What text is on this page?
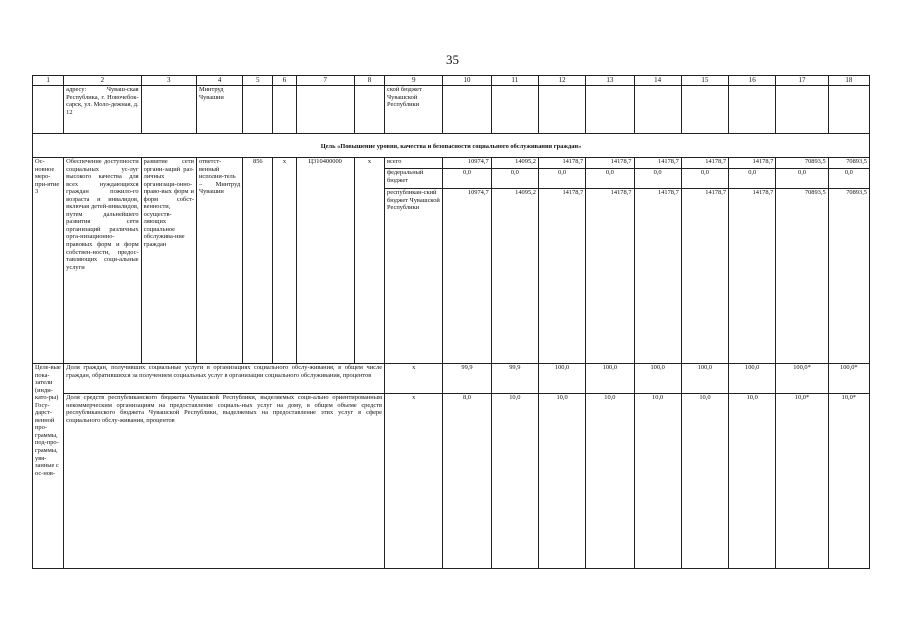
35
1	2	3	4	5	6	7	8	9	10	11	12	13	14	15	16	17	18
	адресу: Чуваш-ская Республика, г. Новочебок-сарск, ул. Моло-дежная, д. 12		Минтруд Чувашии					ской бюджет Чувашской Республики									
Цель «Повышение уровня, качества и безопасности социального обслуживания граждан»																	
Ос-новное меро-при-ятие 3	Обеспечение доступности социальных ус-луг высокого качества для всех нуждающихся граждан пожило-го возраста и инвалидов, включая детей-инвалидов, путем дальнейшего развития сети организаций различных орга-низационно-правовых форм и форм собствен-ности, предос-тавляющих соци-альные услуги	развитие сети органи-заций раз-личных организаци-онно-право-вых форм и форм собст-венности, осуществ-ляющих социальное обслужива-ние граждан	ответст-венный исполни-тель – Минтруд Чувашии	856	х	Ц310400000	х	всего	10974,7	14095,2	14178,7	14178,7	14178,7	14178,7	14178,7	70893,5	70893,5
								федеральный бюджет	0,0	0,0	0,0	0,0	0,0	0,0	0,0	0,0	0,0
								республикан-ский бюджет Чувашской Республики	10974,7	14095,2	14178,7	14178,7	14178,7	14178,7	14178,7	70893,5	70893,5
Целе-вые пока-затели (инди-като-ры) Госу-дарст-венной про-граммы, под-про-граммы, увя-занные с ос-нов-	Доля граждан, получивших социальные услуги в организациях социального обслу-живания, в общем числе граждан, обратившихся за получением социальных услуг в организации социального обслуживания, процентов							х	99,9	99,9	100,0	100,0	100,0	100,0	100,0	100,0*	100,0*
	Доля средств республиканского бюджета Чувашской Республики, выделяемых соци-ально ориентированным некоммерческим организациям на предоставление социаль-ных услуг на дому, в общем объеме средств республиканского бюджета Чувашской Республики, выделяемых на предоставление этих услуг в сфере социального обслу-живания, процентов							х	8,0	10,0	10,0	10,0	10,0	10,0	10,0	10,0*	10,0*
